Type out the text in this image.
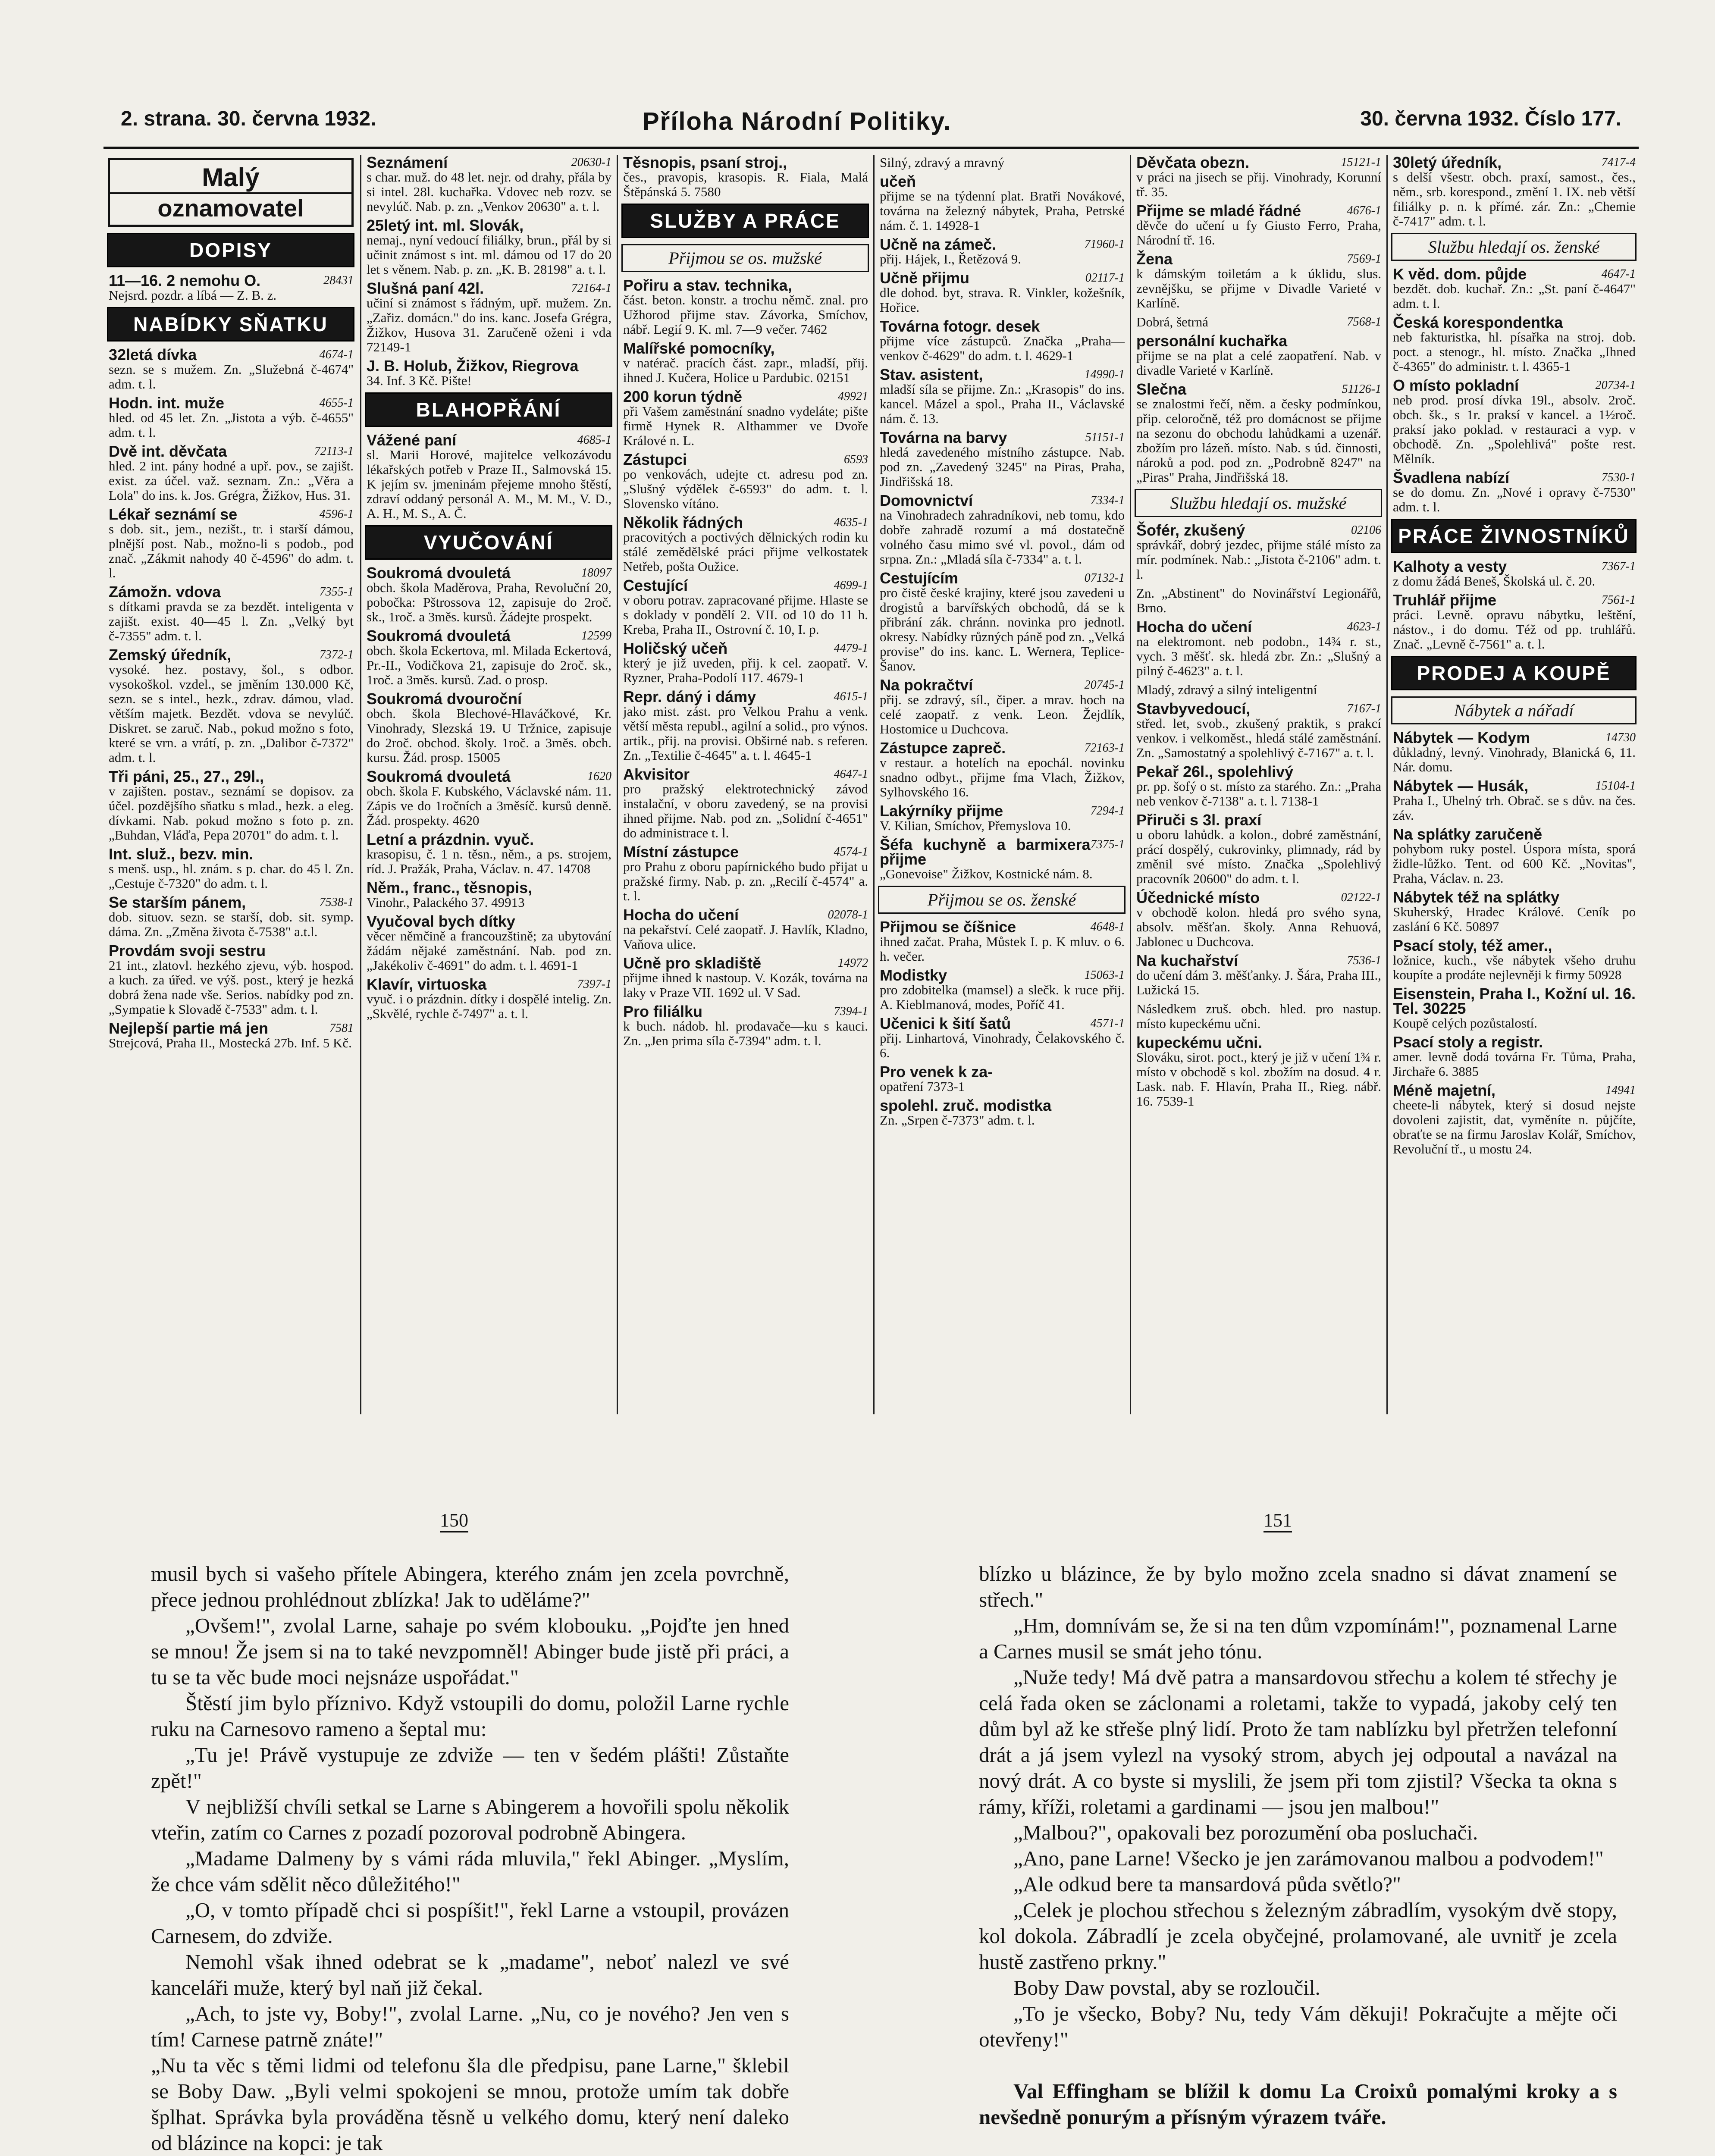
2. strana. 30. června 1932.	Příloha Národní Politiky.	30. června 1932. Číslo 177.
Malý
oznamovatel
DOPISY
28431
11—16. 2 nemohu O.
Nejsrd. pozdr. a líbá — Z. B. z.
NABÍDKY SŇATKU
4674-1
32letá dívka
sezn. se s mužem. Zn. „Služebná č-4674" adm. t. l.
4655-1
Hodn. int. muže
hled. od 45 let. Zn. „Jistota a výb. č-4655" adm. t. l.
72113-1
Dvě int. děvčata
hled. 2 int. pány hodné a upř. pov., se zajišt. exist. za účel. važ. seznam. Zn.: „Věra a Lola" do ins. k. Jos. Grégra, Žižkov, Hus. 31.
4596-1
Lékař seznámí se
s dob. sit., jem., nezišt., tr. i starší dámou, plnější post. Nab., možno-li s podob., pod znač. „Zákmit nahody 40 č-4596" do adm. t. l.
7355-1
Zámožn. vdova
s dítkami pravda se za bezdět. inteligenta v zajišt. exist. 40—45 l. Zn. „Velký byt č-7355" adm. t. l.
7372-1
Zemský úředník,
vysoké. hez. postavy, šol., s odbor. vysokoškol. vzdel., se jměním 130.000 Kč, sezn. se s intel., hezk., zdrav. dámou, vlad. větším majetk. Bezdět. vdova se nevylúč. Diskret. se zaruč. Nab., pokud možno s foto, které se vrn. a vrátí, p. zn. „Dalibor č-7372" adm. t. l.
Tři páni, 25., 27., 29l.,
v zajišten. postav., seznámí se dopisov. za účel. pozdějšího sňatku s mlad., hezk. a eleg. dívkami. Nab. pokud možno s foto p. zn. „Buhdan, Vláďa, Pepa 20701" do adm. t. l.
Int. služ., bezv. min.
s menš. usp., hl. znám. s p. char. do 45 l. Zn. „Cestuje č-7320" do adm. t. l.
7538-1
Se starším pánem,
dob. situov. sezn. se starší, dob. sit. symp. dáma. Zn. „Změna života č-7538" a.t.l.
Provdám svoji sestru
21 int., zlatovl. hezkého zjevu, výb. hospod. a kuch. za úřed. ve výš. post., který je hezká dobrá žena nade vše. Serios. nabídky pod zn. „Sympatie k Slovadě č-7533" adm. t. l.
7581
Nejlepší partie má jen
Strejcová, Praha II., Mostecká 27b. Inf. 5 Kč.
20630-1
Seznámení
s char. muž. do 48 let. nejr. od drahy, přála by si intel. 28l. kuchařka. Vdovec neb rozv. se nevylúč. Nab. p. zn. „Venkov 20630" a. t. l.
25letý int. ml. Slovák,
nemaj., nyní vedoucí filiálky, brun., přál by si učinit známost s int. ml. dámou od 17 do 20 let s věnem. Nab. p. zn. „K. B. 28198" a. t. l.
72164-1
Slušná paní 42l.
učiní si známost s řádným, upř. mužem. Zn. „Zařiz. domácn." do ins. kanc. Josefa Grégra, Žižkov, Husova 31. Zaručeně oženi i vda 72149-1
J. B. Holub, Žižkov, Riegrova
34. Inf. 3 Kč. Pište!
BLAHOPŘÁNÍ
4685-1
Vážené paní
sl. Marii Horové, majitelce velkozávodu lékařských potřeb v Praze II., Salmovská 15. K jejím sv. jmeninám přejeme mnoho štěstí, zdraví oddaný personál A. M., M. M., V. D., A. H., M. S., A. Č.
VYUČOVÁNÍ
18097
Soukromá dvouletá
obch. škola Maděrova, Praha, Revoluční 20, pobočka: Pštrossova 12, zapisuje do 2roč. sk., 1roč. a 3měs. kursů. Žádejte prospekt.
12599
Soukromá dvouletá
obch. škola Eckertova, ml. Milada Eckertová, Pr.-II., Vodičkova 21, zapisuje do 2roč. sk., 1roč. a 3měs. kursů. Zad. o prosp.
Soukromá dvouroční
obch. škola Blechové-Hlaváčkové, Kr. Vinohrady, Slezská 19. U Tržnice, zapisuje do 2roč. obchod. školy. 1roč. a 3měs. obch. kursu. Žád. prosp. 15005
1620
Soukromá dvouletá
obch. škola F. Kubského, Václavské nám. 11. Zápis ve do 1ročních a 3měsíč. kursů denně. Žád. prospekty. 4620
Letní a prázdnin. vyuč.
krasopisu, č. 1 n. těsn., něm., a ps. strojem, ríd. J. Pražák, Praha, Václav. n. 47. 14708
Něm., franc., těsnopis,
Vinohr., Palackého 37. 49913
Vyučoval bych dítky
věcer němčině a francouzštině; za ubytování žádám nějaké zaměstnání. Nab. pod zn. „Jakékoliv č-4691" do adm. t. l. 4691-1
7397-1
Klavír, virtuoska
vyuč. i o prázdnin. dítky i dospělé intelig. Zn. „Skvělé, rychle č-7497" a. t. l.
Těsnopis, psaní stroj.,
čes., pravopis, krasopis. R. Fiala, Malá Štěpánská 5. 7580
SLUŽBY A PRÁCE
Přijmou se os. mužské
Pořiru a stav. technika,
část. beton. konstr. a trochu němč. znal. pro Užhorod přijme stav. Závorka, Smíchov, nábř. Legií 9. K. ml. 7—9 večer. 7462
Malířské pomocníky,
v natérač. pracích část. zapr., mladší, přij. ihned J. Kučera, Holice u Pardubic. 02151
49921
200 korun týdně
při Vašem zaměstnání snadno vydeláte; pište firmě Hynek R. Althammer ve Dvoře Králové n. L.
6593
Zástupci
po venkovách, udejte ct. adresu pod zn. „Slušný výdělek č-6593" do adm. t. l. Slovensko vítáno.
4635-1
Několik řádných
pracovitých a poctivých dělnických rodin ku stálé zemědělské práci přijme velkostatek Netřeb, pošta Oužice.
4699-1
Cestující
v oboru potrav. zapracované přijme. Hlaste se s doklady v pondělí 2. VII. od 10 do 11 h. Kreba, Praha II., Ostrovní č. 10, I. p.
4479-1
Holičský učeň
který je již uveden, přij. k cel. zaopatř. V. Ryzner, Praha-Podolí 117. 4679-1
4615-1
Repr. dáný i dámy
jako mist. zást. pro Velkou Prahu a venk. větší města republ., agilní a solid., pro výnos. artik., přij. na provisi. Obširné nab. s referen. Zn. „Textilie č-4645" a. t. l. 4645-1
4647-1
Akvisitor
pro pražský elektrotechnický závod instalační, v oboru zavedený, se na provisi ihned přijme. Nab. pod zn. „Solidní č-4651" do administrace t. l.
4574-1
Místní zástupce
pro Prahu z oboru papírnického budo přijat u pražské firmy. Nab. p. zn. „Recilí č-4574" a. t. l.
02078-1
Hocha do učení
na pekařství. Celé zaopatř. J. Havlík, Kladno, Vaňova ulice.
14972
Učně pro skladiště
přijme ihned k nastoup. V. Kozák, továrna na laky v Praze VII. 1692 ul. V Sad.
7394-1
Pro filiálku
k buch. nádob. hl. prodavače—ku s kauci. Zn. „Jen prima síla č-7394" adm. t. l.
Silný, zdravý a mravný
učeň
přijme se na týdenní plat. Bratři Novákové, továrna na železný nábytek, Praha, Petrské nám. č. 1. 14928-1
71960-1
Učně na zámeč.
přij. Hájek, I., Řetězová 9.
02117-1
Učně přijmu
dle dohod. byt, strava. R. Vinkler, kožešník, Hořice.
Továrna fotogr. desek
přijme více zástupců. Značka „Praha—venkov č-4629" do adm. t. l. 4629-1
14990-1
Stav. asistent,
mladší síla se přijme. Zn.: „Krasopis" do ins. kancel. Mázel a spol., Praha II., Václavské nám. č. 13.
51151-1
Továrna na barvy
hledá zavedeného místního zástupce. Nab. pod zn. „Zavedený 3245" na Piras, Praha, Jindřišská 18.
7334-1
Domovnictví
na Vinohradech zahradníkovi, neb tomu, kdo dobře zahradě rozumí a má dostatečně volného času mimo své vl. povol., dám od srpna. Zn.: „Mladá síla č-7334" a. t. l.
07132-1
Cestujícím
pro čistě české krajiny, které jsou zavedeni u drogistů a barvířských obchodů, dá se k přibrání zák. chránn. novinka pro jednotl. okresy. Nabídky různých páně pod zn. „Velká provise" do ins. kanc. L. Wernera, Teplice-Šanov.
20745-1
Na pokračtví
přij. se zdravý, síl., čiper. a mrav. hoch na celé zaopatř. z venk. Leon. Žejdlík, Hostomice u Duchcova.
72163-1
Zástupce zapreč.
v restaur. a hotelích na epochál. novinku snadno odbyt., přijme fma Vlach, Žižkov, Sylhovského 16.
7294-1
Lakýrníky přijme
V. Kilian, Smíchov, Přemyslova 10.
7375-1
Šéfa kuchyně a barmixera přijme
„Gonevoise" Žižkov, Kostnické nám. 8.
Přijmou se os. ženské
4648-1
Přijmou se číšnice
ihned začat. Praha, Můstek I. p. K mluv. o 6. h. večer.
15063-1
Modistky
pro zdobitelka (mamsel) a slečk. k ruce přij. A. Kieblmanová, modes, Poříč 41.
4571-1
Učenici k šití šatů
přij. Linhartová, Vinohrady, Čelakovského č. 6.
Pro venek k za-
opatření 7373-1
spolehl. zruč. modistka
Zn. „Srpen č-7373" adm. t. l.
15121-1
Děvčata obezn.
v práci na jisech se přij. Vinohrady, Korunní tř. 35.
4676-1
Přijme se mladé řádné
děvče do učení u fy Giusto Ferro, Praha, Národní tř. 16.
7569-1
Žena
k dámským toiletám a k úklidu, slus. zevnějšku, se přijme v Divadle Varieté v Karlíně.
7568-1
Dobrá, šetrná
personální kuchařka
přijme se na plat a celé zaopatření. Nab. v divadle Varieté v Karlíně.
51126-1
Slečna
se znalostmi řečí, něm. a česky podmínkou, přip. celoročně, též pro domácnost se přijme na sezonu do obchodu lahůdkami a uzenář. zbožím pro lázeň. místo. Nab. s úd. činnosti, nároků a pod. pod zn. „Podrobně 8247" na „Piras" Praha, Jindřišská 18.
Službu hledají os. mužské
02106
Šofér, zkušený
správkář, dobrý jezdec, přijme stálé místo za mír. podmínek. Nab.: „Jistota č-2106" adm. t. l.
Zn. „Abstinent" do Novinářství Legionářů, Brno.
4623-1
Hocha do učení
na elektromont. neb podobn., 14¾ r. st., vych. 3 měšť. sk. hledá zbr. Zn.: „Slušný a pilný č-4623" a. t. l.
Mladý, zdravý a silný inteligentní
7167-1
Stavbyvedoucí,
střed. let, svob., zkušený praktik, s prakcí venkov. i velkoměst., hledá stálé zaměstnání. Zn. „Samostatný a spolehlivý č-7167" a. t. l.
Pekař 26l., spolehlivý
pr. pp. šofý o st. místo za starého. Zn.: „Praha neb venkov č-7138" a. t. l. 7138-1
Přiruči s 3l. praxí
u oboru lahůdk. a kolon., dobré zaměstnání, prácí dospělý, cukrovinky, plimnady, rád by změnil své místo. Značka „Spolehlivý pracovník 20600" do adm. t. l.
02122-1
Účednické místo
v obchodě kolon. hledá pro svého syna, absolv. měšťan. školy. Anna Rehuová, Jablonec u Duchcova.
7536-1
Na kuchařství
do učení dám 3. měšťanky. J. Šára, Praha III., Lužická 15.
Následkem zruš. obch. hled. pro nastup. místo kupeckému učni.
kupeckému učni.
Slováku, sirot. poct., který je již v učení 1¾ r. místo v obchodě s kol. zbožím na dosud. 4 r. Lask. nab. F. Hlavín, Praha II., Rieg. nábř. 16. 7539-1
7417-4
30letý úředník,
s delší všestr. obch. praxí, samost., čes., něm., srb. korespond., změní 1. IX. neb větší filiálky p. n. k přímé. zár. Zn.: „Chemie č-7417" adm. t. l.
Službu hledají os. ženské
4647-1
K věd. dom. půjde
bezdět. dob. kuchař. Zn.: „St. paní č-4647" adm. t. l.
Česká korespondentka
neb fakturistka, hl. písařka na stroj. dob. poct. a stenogr., hl. místo. Značka „Ihned č-4365" do administr. t. l. 4365-1
20734-1
O místo pokladní
neb prod. prosí dívka 19l., absolv. 2roč. obch. šk., s 1r. praksí v kancel. a 1½roč. praksí jako poklad. v restauraci a vyp. v obchodě. Zn. „Spolehlivá" pošte rest. Mělník.
7530-1
Švadlena nabízí
se do domu. Zn. „Nové i opravy č-7530" adm. t. l.
PRÁCE ŽIVNOSTNÍKŮ
7367-1
Kalhoty a vesty
z domu žádá Beneš, Školská ul. č. 20.
7561-1
Truhlář přijme
práci. Levně. opravu nábytku, leštění, nástov., i do domu. Též od pp. truhlářů. Znač. „Levně č-7561" a. t. l.
PRODEJ A KOUPĚ
Nábytek a nářadí
14730
Nábytek — Kodym
důkladný, levný. Vinohrady, Blanická 6, 11. Nár. domu.
15104-1
Nábytek — Husák,
Praha I., Uhelný trh. Obrač. se s dův. na čes. záv.
Na splátky zaručeně
pohybom ruky postel. Úspora místa, sporá židle-lůžko. Tent. od 600 Kč. „Novitas", Praha, Václav. n. 23.
Nábytek též na splátky
Skuherský, Hradec Králové. Ceník po zaslání 6 Kč. 50897
Psací stoly, též amer.,
ložnice, kuch., vše nábytek všeho druhu koupíte a prodáte nejlevněji k firmy 50928
Eisenstein, Praha I., Kožní ul. 16. Tel. 30225
Koupě celých pozůstalostí.
Psací stoly a registr.
amer. levně dodá továrna Fr. Tůma, Praha, Jirchaře 6. 3885
14941
Méně majetní,
cheete-li nábytek, který si dosud nejste dovoleni zajistit, dat, vyměníte n. půjčíte, obraťte se na firmu Jaroslav Kolář, Smíchov, Revoluční tř., u mostu 24.
150	151

musil bych si vašeho přítele Abingera, kterého znám jen zcela povrchně, přece jednou prohlédnout zblízka! Jak to uděláme?"

„Ovšem!", zvolal Larne, sahaje po svém klobouku. „Pojďte jen hned se mnou! Že jsem si na to také nevzpomněl! Abinger bude jistě při práci, a tu se ta věc bude moci nejsnáze uspořádat."

Štěstí jim bylo příznivo. Když vstoupili do domu, položil Larne rychle ruku na Carnesovo rameno a šeptal mu:

„Tu je! Právě vystupuje ze zdviže — ten v šedém plášti! Zůstaňte zpět!"

V nejbližší chvíli setkal se Larne s Abingerem a hovořili spolu několik vteřin, zatím co Carnes z pozadí pozoroval podrobně Abingera.

„Madame Dalmeny by s vámi ráda mluvila," řekl Abinger. „Myslím, že chce vám sdělit něco důležitého!"

„O, v tomto případě chci si pospíšit!", řekl Larne a vstoupil, provázen Carnesem, do zdviže.

Nemohl však ihned odebrat se k „madame", neboť nalezl ve své kanceláři muže, který byl naň již čekal.

„Ach, to jste vy, Boby!", zvolal Larne. „Nu, co je nového? Jen ven s tím! Carnese patrně znáte!"

„Nu ta věc s těmi lidmi od telefonu šla dle předpisu, pane Larne," šklebil se Boby Daw. „Byli velmi spokojeni se mnou, protože umím tak dobře šplhat. Správka byla prováděna těsně u velkého domu, který není daleko od blázince na kopci: je tak

blízko u blázince, že by bylo možno zcela snadno si dávat znamení se střech."

„Hm, domnívám se, že si na ten dům vzpomínám!", poznamenal Larne a Carnes musil se smát jeho tónu.

„Nuže tedy! Má dvě patra a mansardovou střechu a kolem té střechy je celá řada oken se záclonami a roletami, takže to vypadá, jakoby celý ten dům byl až ke střeše plný lidí. Proto že tam nablízku byl přetržen telefonní drát a já jsem vylezl na vysoký strom, abych jej odpoutal a navázal na nový drát. A co byste si myslili, že jsem při tom zjistil? Všecka ta okna s rámy, kříži, roletami a gardinami — jsou jen malbou!"

„Malbou?", opakovali bez porozumění oba posluchači.

„Ano, pane Larne! Všecko je jen zarámovanou malbou a podvodem!"

„Ale odkud bere ta mansardová půda světlo?"

„Celek je plochou střechou s železným zábradlím, vysokým dvě stopy, kol dokola. Zábradlí je zcela obyčejné, prolamované, ale uvnitř je zcela hustě zastřeno prkny."

Boby Daw povstal, aby se rozloučil.

„To je všecko, Boby? Nu, tedy Vám děkuji! Pokračujte a mějte oči otevřeny!"

Val Effingham se blížil k domu La Croixů pomalými kroky a s nevšedně ponurým a přísným výrazem tváře.
